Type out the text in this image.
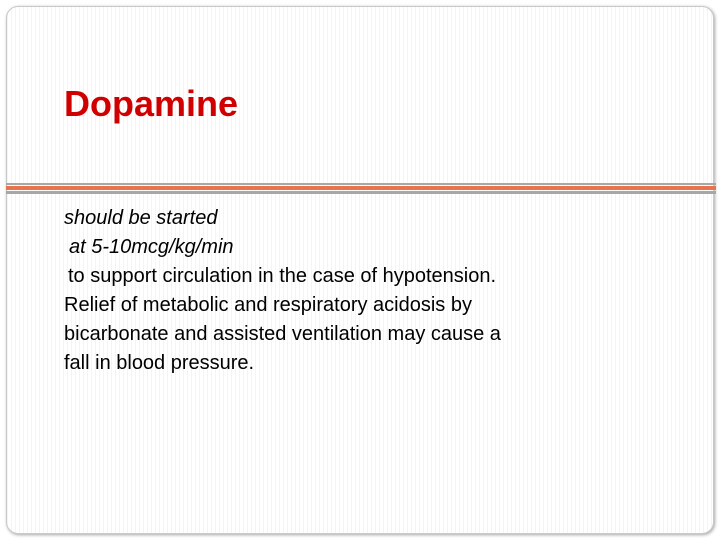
Dopamine

should be started

at 5-10mcg/kg/min

to support circulation in the case of hypotension.

Relief of metabolic and respiratory acidosis by

bicarbonate and assisted ventilation may cause a

fall in blood pressure.
